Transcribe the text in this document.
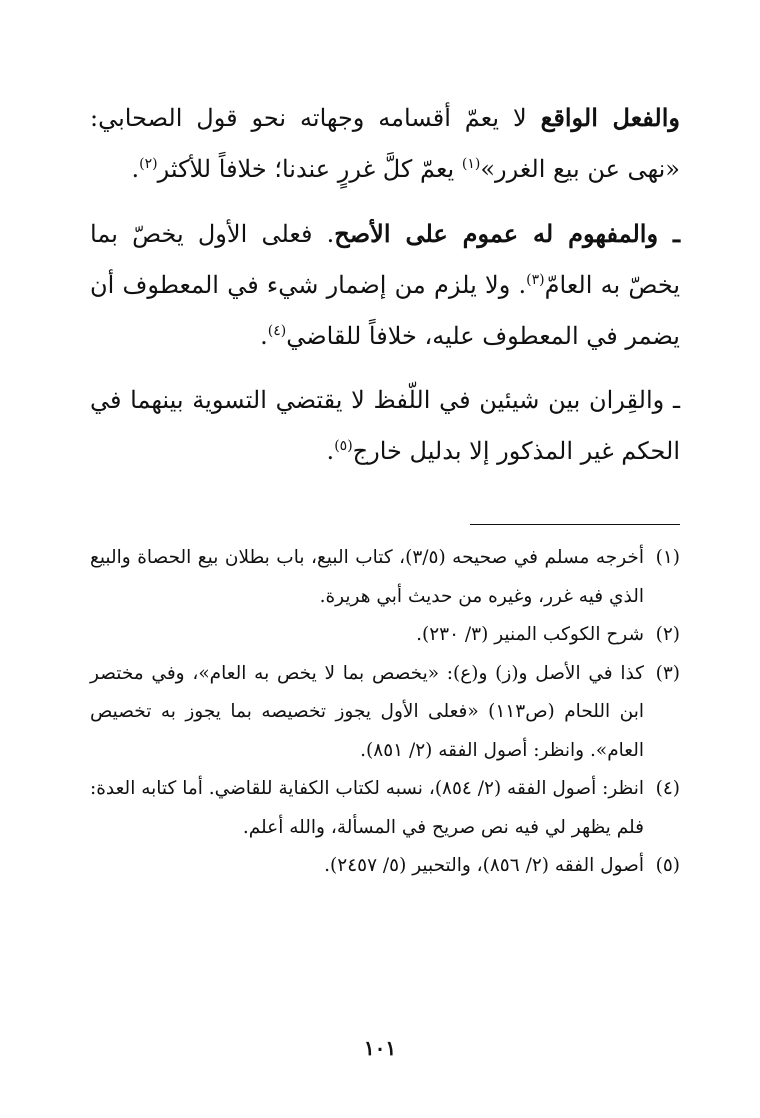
والفعل الواقع لا يعمّ أقسامه وجهاته نحو قول الصحابي: «نهى عن بيع الغرر»$^{(١)}$ يعمّ كلَّ غررٍ عندنا؛ خلافاً للأكثر$^{(٢)}$.

ـ والمفهوم له عموم على الأصح. فعلى الأول يخصّ بما يخصّ به العامّ$^{(٣)}$. ولا يلزم من إضمار شيء في المعطوف أن يضمر في المعطوف عليه، خلافاً للقاضي$^{(٤)}$.

ـ والقِران بين شيئين في اللّفظ لا يقتضي التسوية بينهما في الحكم غير المذكور إلا بدليل خارج$^{(٥)}$.

(١)
أخرجه مسلم في صحيحه (٣/٥)، كتاب البيع، باب بطلان بيع الحصاة والبيع الذي فيه غرر، وغيره من حديث أبي هريرة.
(٢)
شرح الكوكب المنير (٣/ ٢٣٠).
(٣)
كذا في الأصل و(ز) و(ع): «يخصص بما لا يخص به العام»، وفي مختصر ابن اللحام (ص١١٣) «فعلى الأول يجوز تخصيصه بما يجوز به تخصيص العام». وانظر: أصول الفقه (٢/ ٨٥١).
(٤)
انظر: أصول الفقه (٢/ ٨٥٤)، نسبه لكتاب الكفاية للقاضي. أما كتابه العدة: فلم يظهر لي فيه نص صريح في المسألة، والله أعلم.
(٥)
أصول الفقه (٢/ ٨٥٦)، والتحبير (٥/ ٢٤٥٧).
١٠١
